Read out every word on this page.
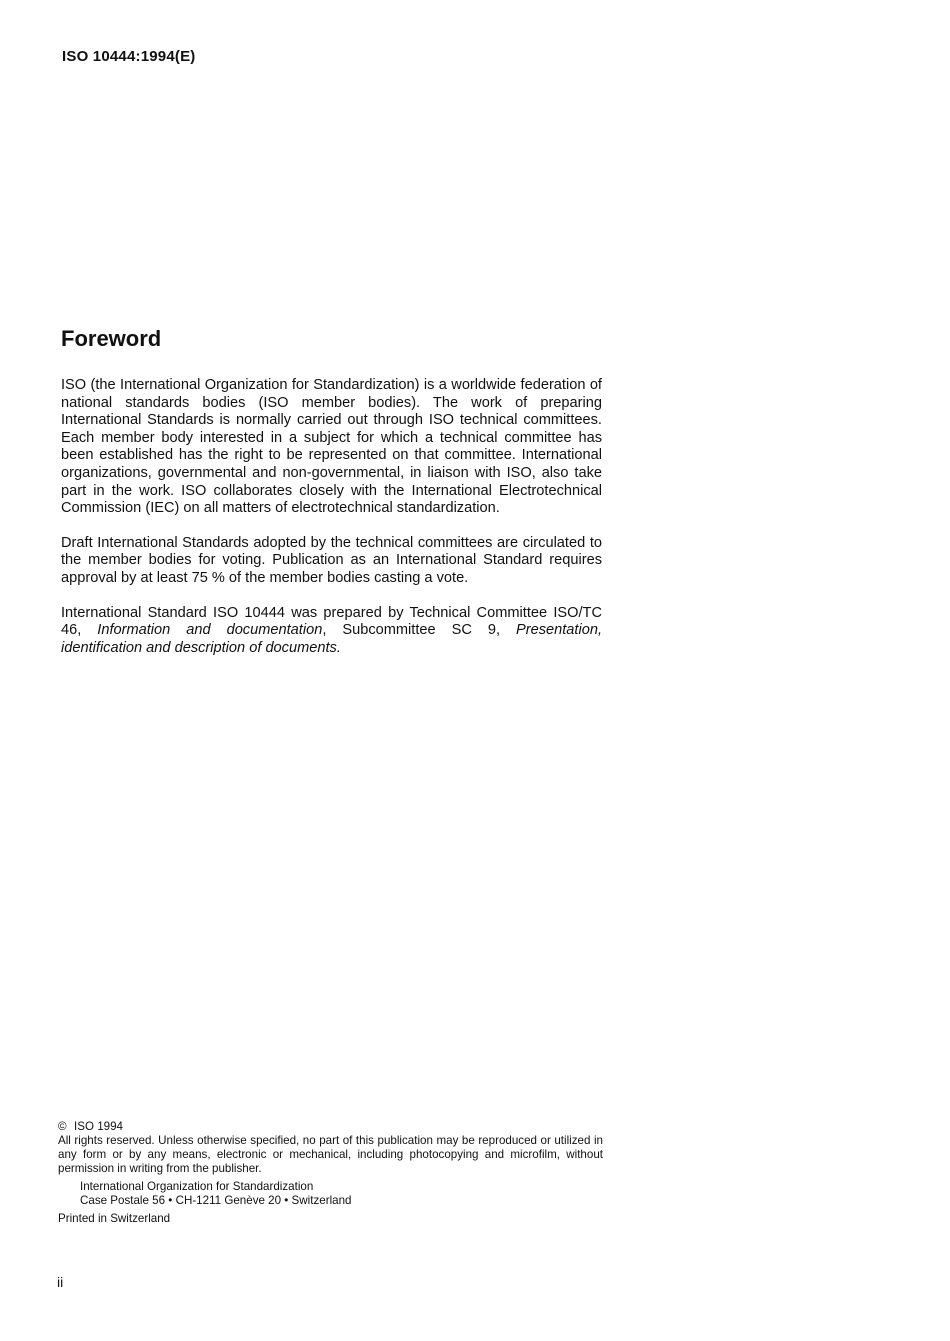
ISO 10444:1994(E)
Foreword

ISO (the International Organization for Standardization) is a worldwide federation of national standards bodies (ISO member bodies). The work of preparing International Standards is normally carried out through ISO technical committees. Each member body interested in a subject for which a technical committee has been established has the right to be represented on that committee. International organizations, governmental and non-governmental, in liaison with ISO, also take part in the work. ISO collaborates closely with the International Electrotechnical Commission (IEC) on all matters of electrotechnical standardization.

Draft International Standards adopted by the technical committees are circulated to the member bodies for voting. Publication as an International Standard requires approval by at least 75 % of the member bodies casting a vote.

International Standard ISO 10444 was prepared by Technical Committee ISO/TC 46, Information and documentation, Subcommittee SC 9, Presentation, identification and description of documents.

© ISO 1994
All rights reserved. Unless otherwise specified, no part of this publication may be reproduced or utilized in any form or by any means, electronic or mechanical, including photocopying and microfilm, without permission in writing from the publisher.
International Organization for Standardization
Case Postale 56 • CH-1211 Genève 20 • Switzerland
Printed in Switzerland
ii
